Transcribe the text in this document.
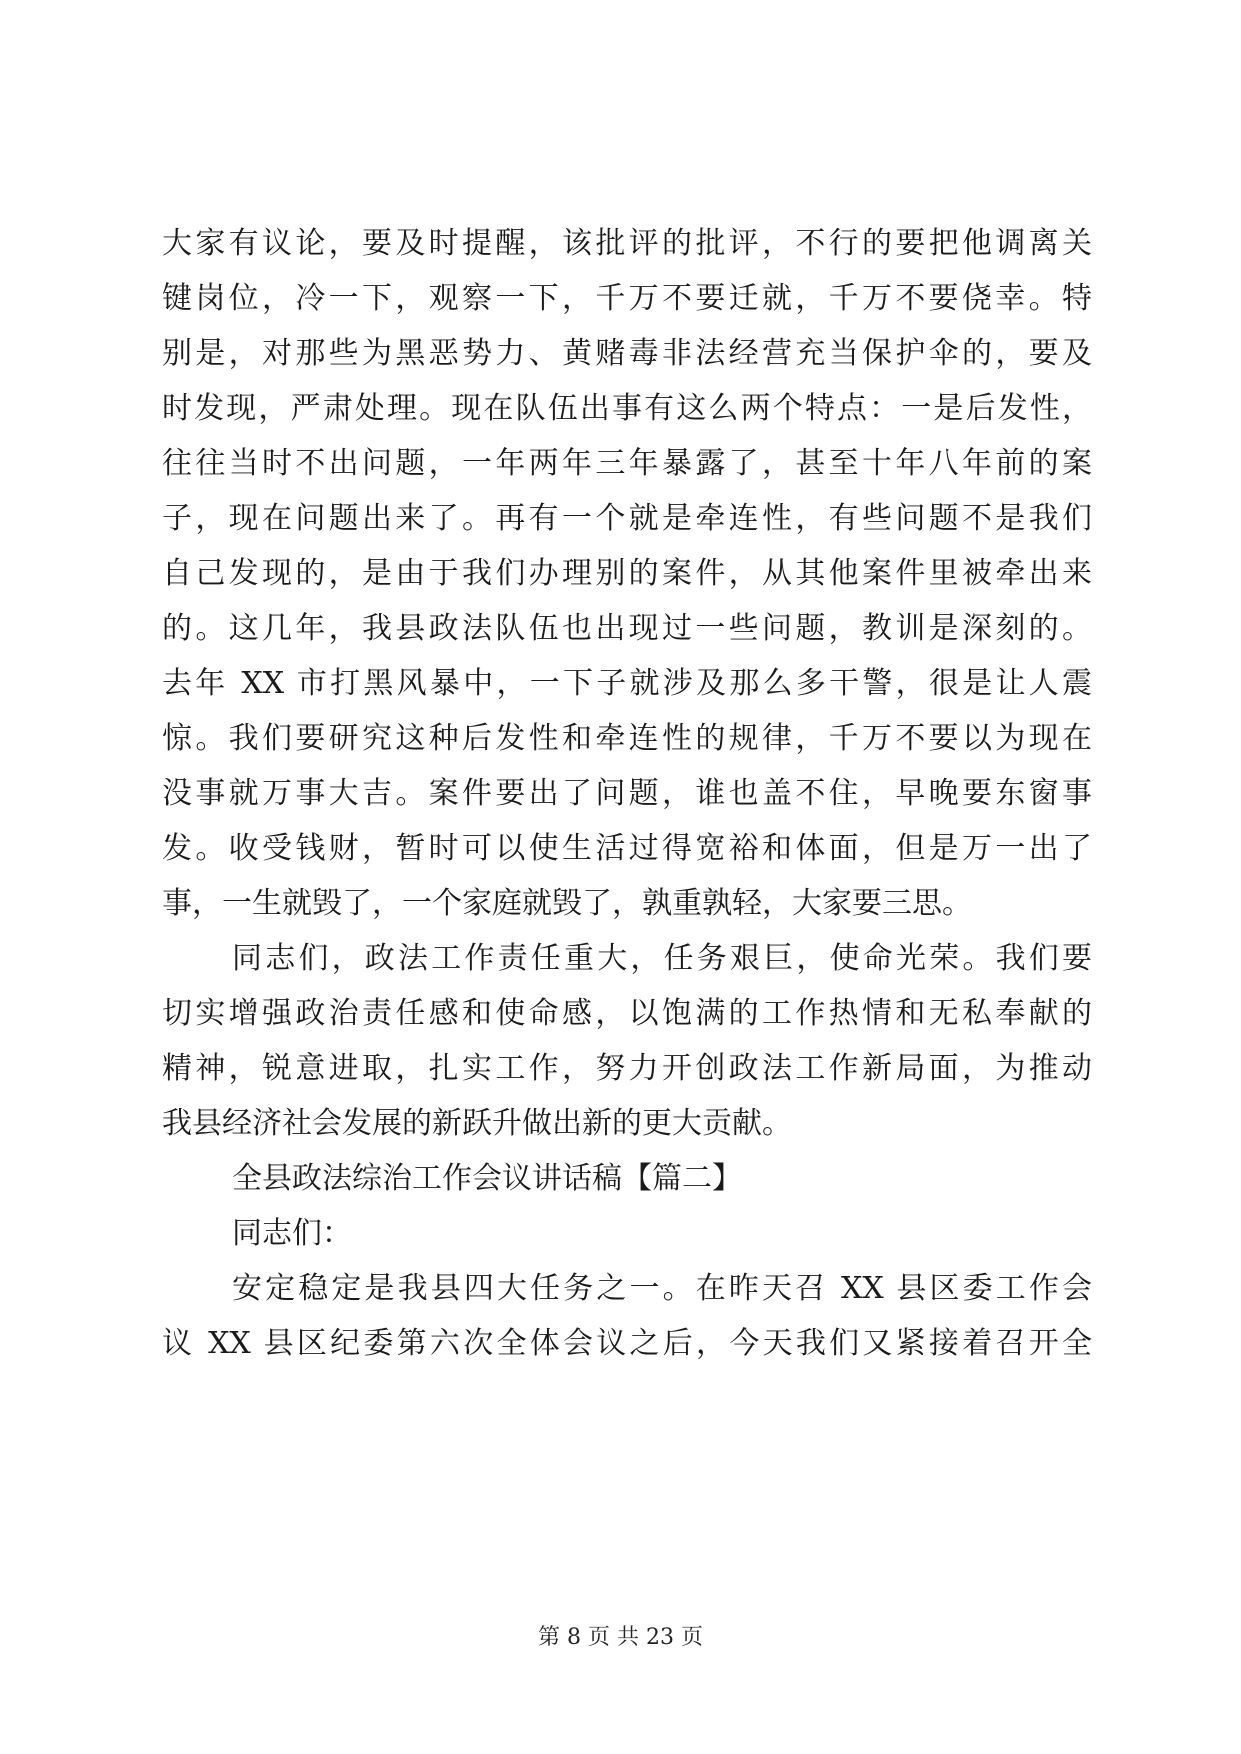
大家有议论，要及时提醒，该批评的批评，不行的要把他调离关
键岗位，冷一下，观察一下，千万不要迁就，千万不要侥幸。特
别是，对那些为黑恶势力、黄赌毒非法经营充当保护伞的，要及
时发现，严肃处理。现在队伍出事有这么两个特点：一是后发性，
往往当时不出问题，一年两年三年暴露了，甚至十年八年前的案
子，现在问题出来了。再有一个就是牵连性，有些问题不是我们
自己发现的，是由于我们办理别的案件，从其他案件里被牵出来
的。这几年，我县政法队伍也出现过一些问题，教训是深刻的。
去年 XX 市打黑风暴中，一下子就涉及那么多干警，很是让人震
惊。我们要研究这种后发性和牵连性的规律，千万不要以为现在
没事就万事大吉。案件要出了问题，谁也盖不住，早晚要东窗事
发。收受钱财，暂时可以使生活过得宽裕和体面，但是万一出了
事，一生就毁了，一个家庭就毁了，孰重孰轻，大家要三思。
同志们，政法工作责任重大，任务艰巨，使命光荣。我们要
切实增强政治责任感和使命感，以饱满的工作热情和无私奉献的
精神，锐意进取，扎实工作，努力开创政法工作新局面，为推动
我县经济社会发展的新跃升做出新的更大贡献。
全县政法综治工作会议讲话稿【篇二】
同志们：
安定稳定是我县四大任务之一。在昨天召 XX 县区委工作会
议 XX 县区纪委第六次全体会议之后，今天我们又紧接着召开全
第 8 页 共 23 页
